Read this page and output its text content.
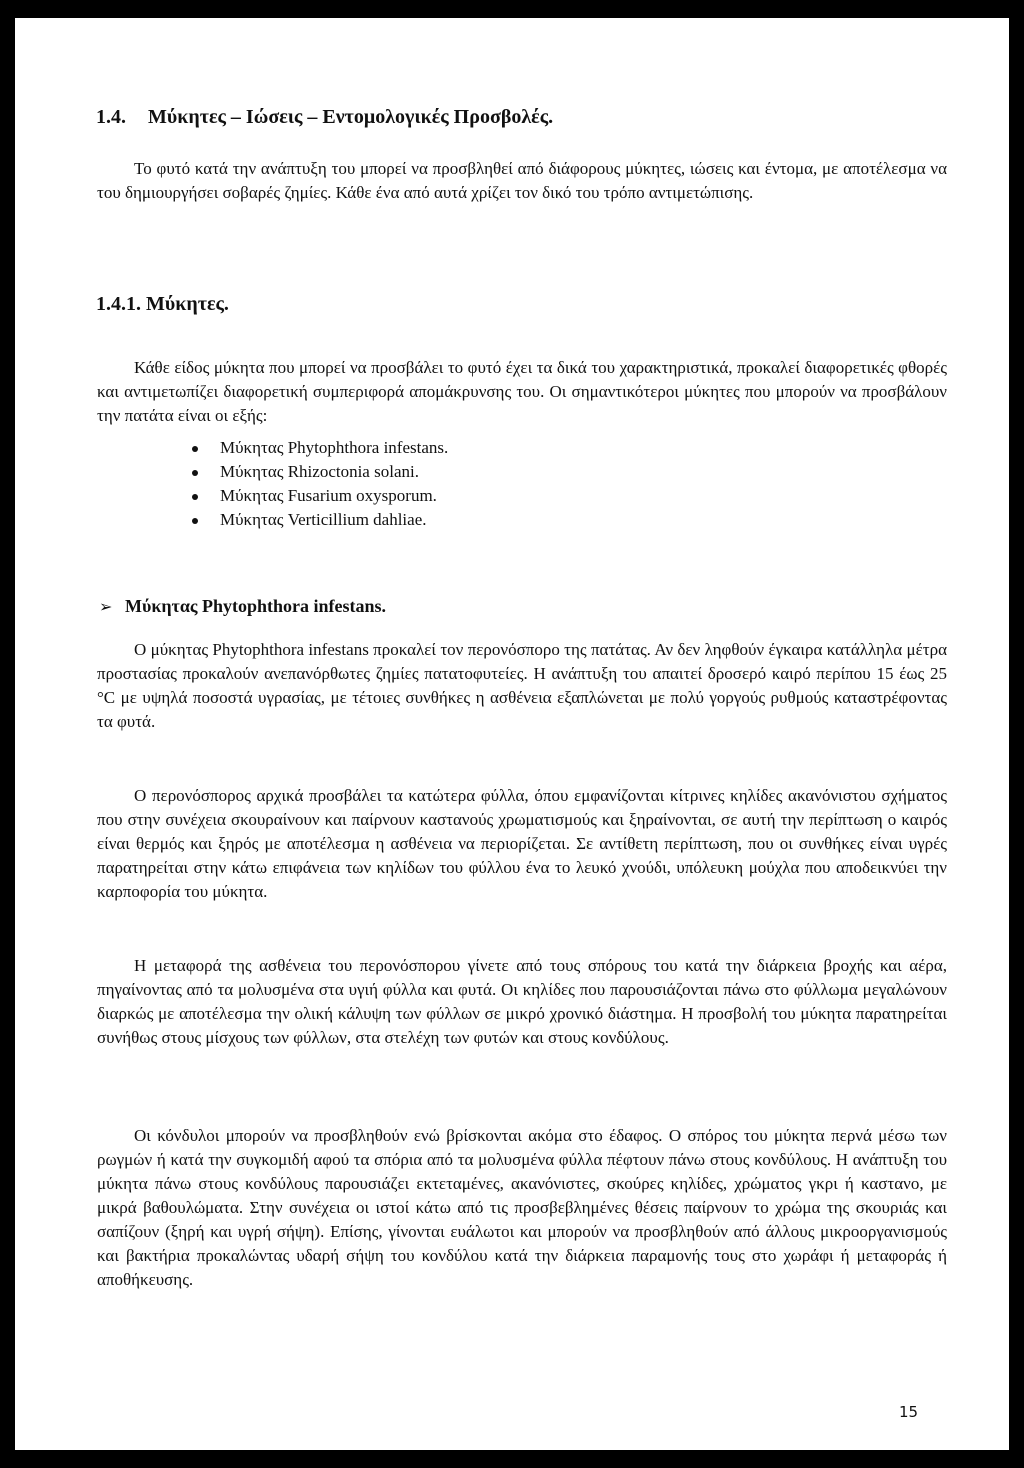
1.4. Μύκητες – Ιώσεις – Εντομολογικές Προσβολές.

Το φυτό κατά την ανάπτυξη του μπορεί να προσβληθεί από διάφορους μύκητες, ιώσεις και έντομα, με αποτέλεσμα να του δημιουργήσει σοβαρές ζημίες. Κάθε ένα από αυτά χρίζει τον δικό του τρόπο αντιμετώπισης.

1.4.1. Μύκητες.

Κάθε είδος μύκητα που μπορεί να προσβάλει το φυτό έχει τα δικά του χαρακτηριστικά, προκαλεί διαφορετικές φθορές και αντιμετωπίζει διαφορετική συμπεριφορά απομάκρυνσης του. Οι σημαντικότεροι μύκητες που μπορούν να προσβάλουν την πατάτα είναι οι εξής:

Μύκητας Phytophthora infestans.
Μύκητας Rhizoctonia solani.
Μύκητας Fusarium oxysporum.
Μύκητας Verticillium dahliae.
➢ Μύκητας Phytophthora infestans.

Ο μύκητας Phytophthora infestans προκαλεί τον περονόσπορο της πατάτας. Αν δεν ληφθούν έγκαιρα κατάλληλα μέτρα προστασίας προκαλούν ανεπανόρθωτες ζημίες πατατοφυτείες. Η ανάπτυξη του απαιτεί δροσερό καιρό περίπου 15 έως 25 °C με υψηλά ποσοστά υγρασίας, με τέτοιες συνθήκες η ασθένεια εξαπλώνεται με πολύ γοργούς ρυθμούς καταστρέφοντας τα φυτά.

Ο περονόσπορος αρχικά προσβάλει τα κατώτερα φύλλα, όπου εμφανίζονται κίτρινες κηλίδες ακανόνιστου σχήματος που στην συνέχεια σκουραίνουν και παίρνουν καστανούς χρωματισμούς και ξηραίνονται, σε αυτή την περίπτωση ο καιρός είναι θερμός και ξηρός με αποτέλεσμα η ασθένεια να περιορίζεται. Σε αντίθετη περίπτωση, που οι συνθήκες είναι υγρές παρατηρείται στην κάτω επιφάνεια των κηλίδων του φύλλου ένα το λευκό χνούδι, υπόλευκη μούχλα που αποδεικνύει την καρποφορία του μύκητα.

Η μεταφορά της ασθένεια του περονόσπορου γίνετε από τους σπόρους του κατά την διάρκεια βροχής και αέρα, πηγαίνοντας από τα μολυσμένα στα υγιή φύλλα και φυτά. Οι κηλίδες που παρουσιάζονται πάνω στο φύλλωμα μεγαλώνουν διαρκώς με αποτέλεσμα την ολική κάλυψη των φύλλων σε μικρό χρονικό διάστημα. Η προσβολή του μύκητα παρατηρείται συνήθως στους μίσχους των φύλλων, στα στελέχη των φυτών και στους κονδύλους.

Οι κόνδυλοι μπορούν να προσβληθούν ενώ βρίσκονται ακόμα στο έδαφος. Ο σπόρος του μύκητα περνά μέσω των ρωγμών ή κατά την συγκομιδή αφού τα σπόρια από τα μολυσμένα φύλλα πέφτουν πάνω στους κονδύλους. Η ανάπτυξη του μύκητα πάνω στους κονδύλους παρουσιάζει εκτεταμένες, ακανόνιστες, σκούρες κηλίδες, χρώματος γκρι ή καστανο, με μικρά βαθουλώματα. Στην συνέχεια οι ιστοί κάτω από τις προσβεβλημένες θέσεις παίρνουν το χρώμα της σκουριάς και σαπίζουν (ξηρή και υγρή σήψη). Επίσης, γίνονται ευάλωτοι και μπορούν να προσβληθούν από άλλους μικροοργανισμούς και βακτήρια προκαλώντας υδαρή σήψη του κονδύλου κατά την διάρκεια παραμονής τους στο χωράφι ή μεταφοράς ή αποθήκευσης.

15
